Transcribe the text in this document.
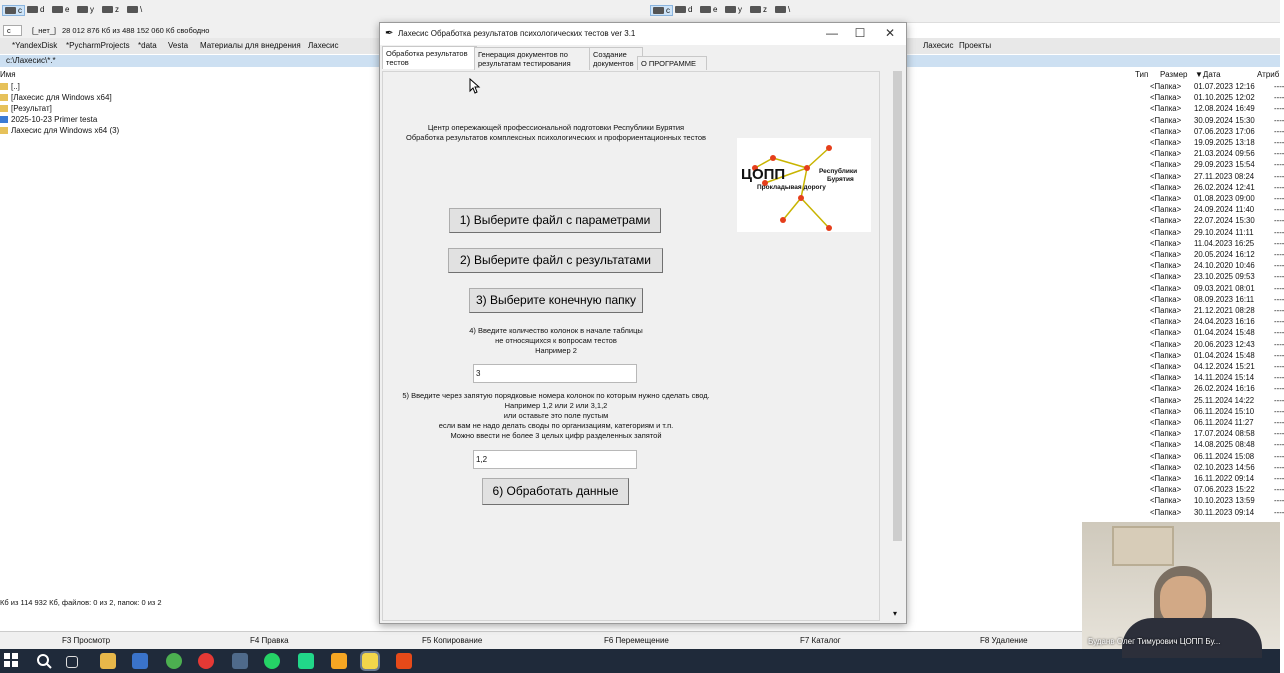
c d	e	y	z	\	c d	e	y	z	\
c	[_нет_] 28 012 876 Кб из 488 152 060 Кб свободно
*YandexDisk *PycharmProjects *data Vesta Материалы для внедрения Лахесис	Лахесис Проекты
c:\Лахесис\*.*
Имя	Тип Размер ▼Дата	Атриб
[..]
[Лахесис для Windows x64]
[Результат]
2025-10-23 Primer testa
Лахесис для Windows x64 (3)
<Папка> 01.07.2023 12:16 ----
<Папка> 01.10.2025 12:02 ----
<Папка> 12.08.2024 16:49 ----
<Папка> 30.09.2024 15:30 ----
<Папка> 07.06.2023 17:06 ----
<Папка> 19.09.2025 13:18 ----
<Папка> 21.03.2024 09:56 ----
<Папка> 29.09.2023 15:54 ----
<Папка> 27.11.2023 08:24	----
<Папка> 26.02.2024 12:41 ----
<Папка> 01.08.2023 09:00 ----
<Папка> 24.09.2024 11:40	----
<Папка> 22.07.2024 15:30 ----
<Папка> 29.10.2024 11:11	----
<Папка> 11.04.2023 16:25	----
<Папка> 20.05.2024 16:12 ----
<Папка> 24.10.2020 10:46 ----
<Папка> 23.10.2025 09:53 ----
<Папка> 09.03.2021 08:01 ----
<Папка> 08.09.2023 16:11	----
<Папка> 21.12.2021 08:28 ----
<Папка> 24.04.2023 16:16 ----
<Папка> 01.04.2024 15:48 ----
<Папка> 20.06.2023 12:43 ----
<Папка> 01.04.2024 15:48 ----
<Папка> 04.12.2024 15:21 ----
<Папка> 14.11.2024 15:14	----
<Папка> 26.02.2024 16:16 ----
<Папка> 25.11.2024 14:22	----
<Папка> 06.11.2024 15:10	----
<Папка> 06.11.2024 11:27	----
<Папка> 17.07.2024 08:58 ----
<Папка> 14.08.2025 08:48 ----
<Папка> 06.11.2024 15:08	----
<Папка> 02.10.2023 14:56 ----
<Папка> 16.11.2022 09:14	----
<Папка> 07.06.2023 15:22 ----
<Папка> 10.10.2023 13:59 ----
<Папка> 30.11.2023 09:14	----
Кб из 114 932 Кб, файлов: 0 из 2, папок: 0 из 2
F3 Просмотр	F4 Правка	F5 Копирование	F6 Перемещение	F7 Каталог	F8 Удаление	Буданв Олег Тимурович ЦОПП Бу...
✒ Лахесис Обработка результатов психологических тестов ver 3.1	—	☐	✕
Обработка результатов тестов
Генерация документов по результатам тестирования
Создание документов О ПРОГРАММЕ
Центр опережающей профессиональной подготовки Республики Бурятия
Обработка результатов комплексных психологических и профориентационных тестов
ЦОПП	Республики
Бурятия
Прокладывая дорогу
1) Выберите файл с параметрами
2) Выберите файл с результатами
3) Выберите конечную папку
4) Введите количество колонок в начале таблицы
не относящихся к вопросам тестов
Например 2
3
5) Введите через запятую порядковые номера колонок по которым нужно сделать свод.
Например 1,2 или 2 или 3,1,2
или оставьте это поле пустым
если вам не надо делать своды по организациям, категориям и т.п.
Можно ввести не более 3 целых цифр разделенных запятой
1,2
6) Обработать данные
▾
